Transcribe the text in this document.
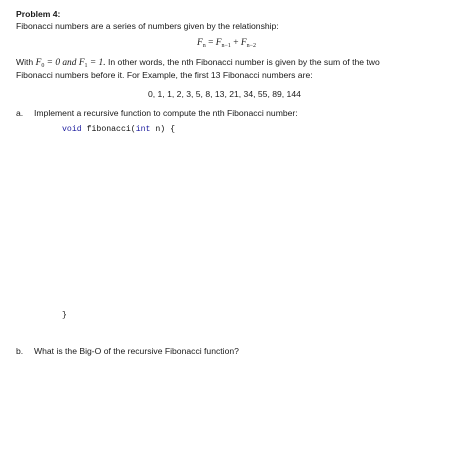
Problem 4:
Fibonacci numbers are a series of numbers given by the relationship:
$F_n = F_{n-1} + F_{n-2}$
With $F_0 = 0$ and $F_1 = 1$. In other words, the nth Fibonacci number is given by the sum of the two
Fibonacci numbers before it. For Example, the first 13 Fibonacci numbers are:
0, 1, 1, 2, 3, 5, 8, 13, 21, 34, 55, 89, 144
a. Implement a recursive function to compute the nth Fibonacci number:
void fibonacci(int n) {
}
b. What is the Big-O of the recursive Fibonacci function?
